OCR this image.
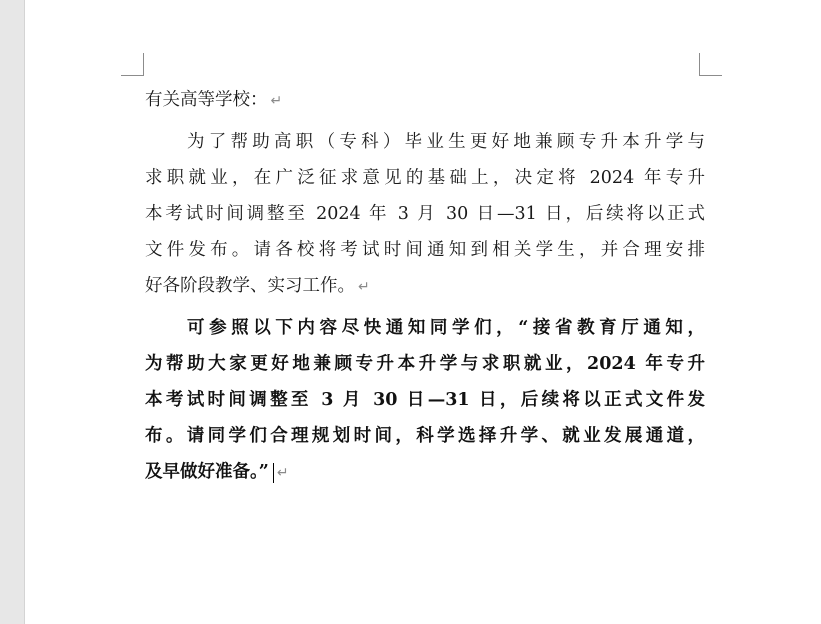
有关高等学校： ↵
为了帮助高职（专科）毕业生更好地兼顾专升本升学与
求职就业，在广泛征求意见的基础上，决定将 2024 年专升
本考试时间调整至 2024 年 3 月 30 日—31 日，后续将以正式
文件发布。请各校将考试时间通知到相关学生，并合理安排
好各阶段教学、实习工作。 ↵
可参照以下内容尽快通知同学们，“接省教育厅通知，
为帮助大家更好地兼顾专升本升学与求职就业，2024 年专升
本考试时间调整至 3 月 30 日—31 日，后续将以正式文件发
布。请同学们合理规划时间，科学选择升学、就业发展通道，
及早做好准备。” ↵
